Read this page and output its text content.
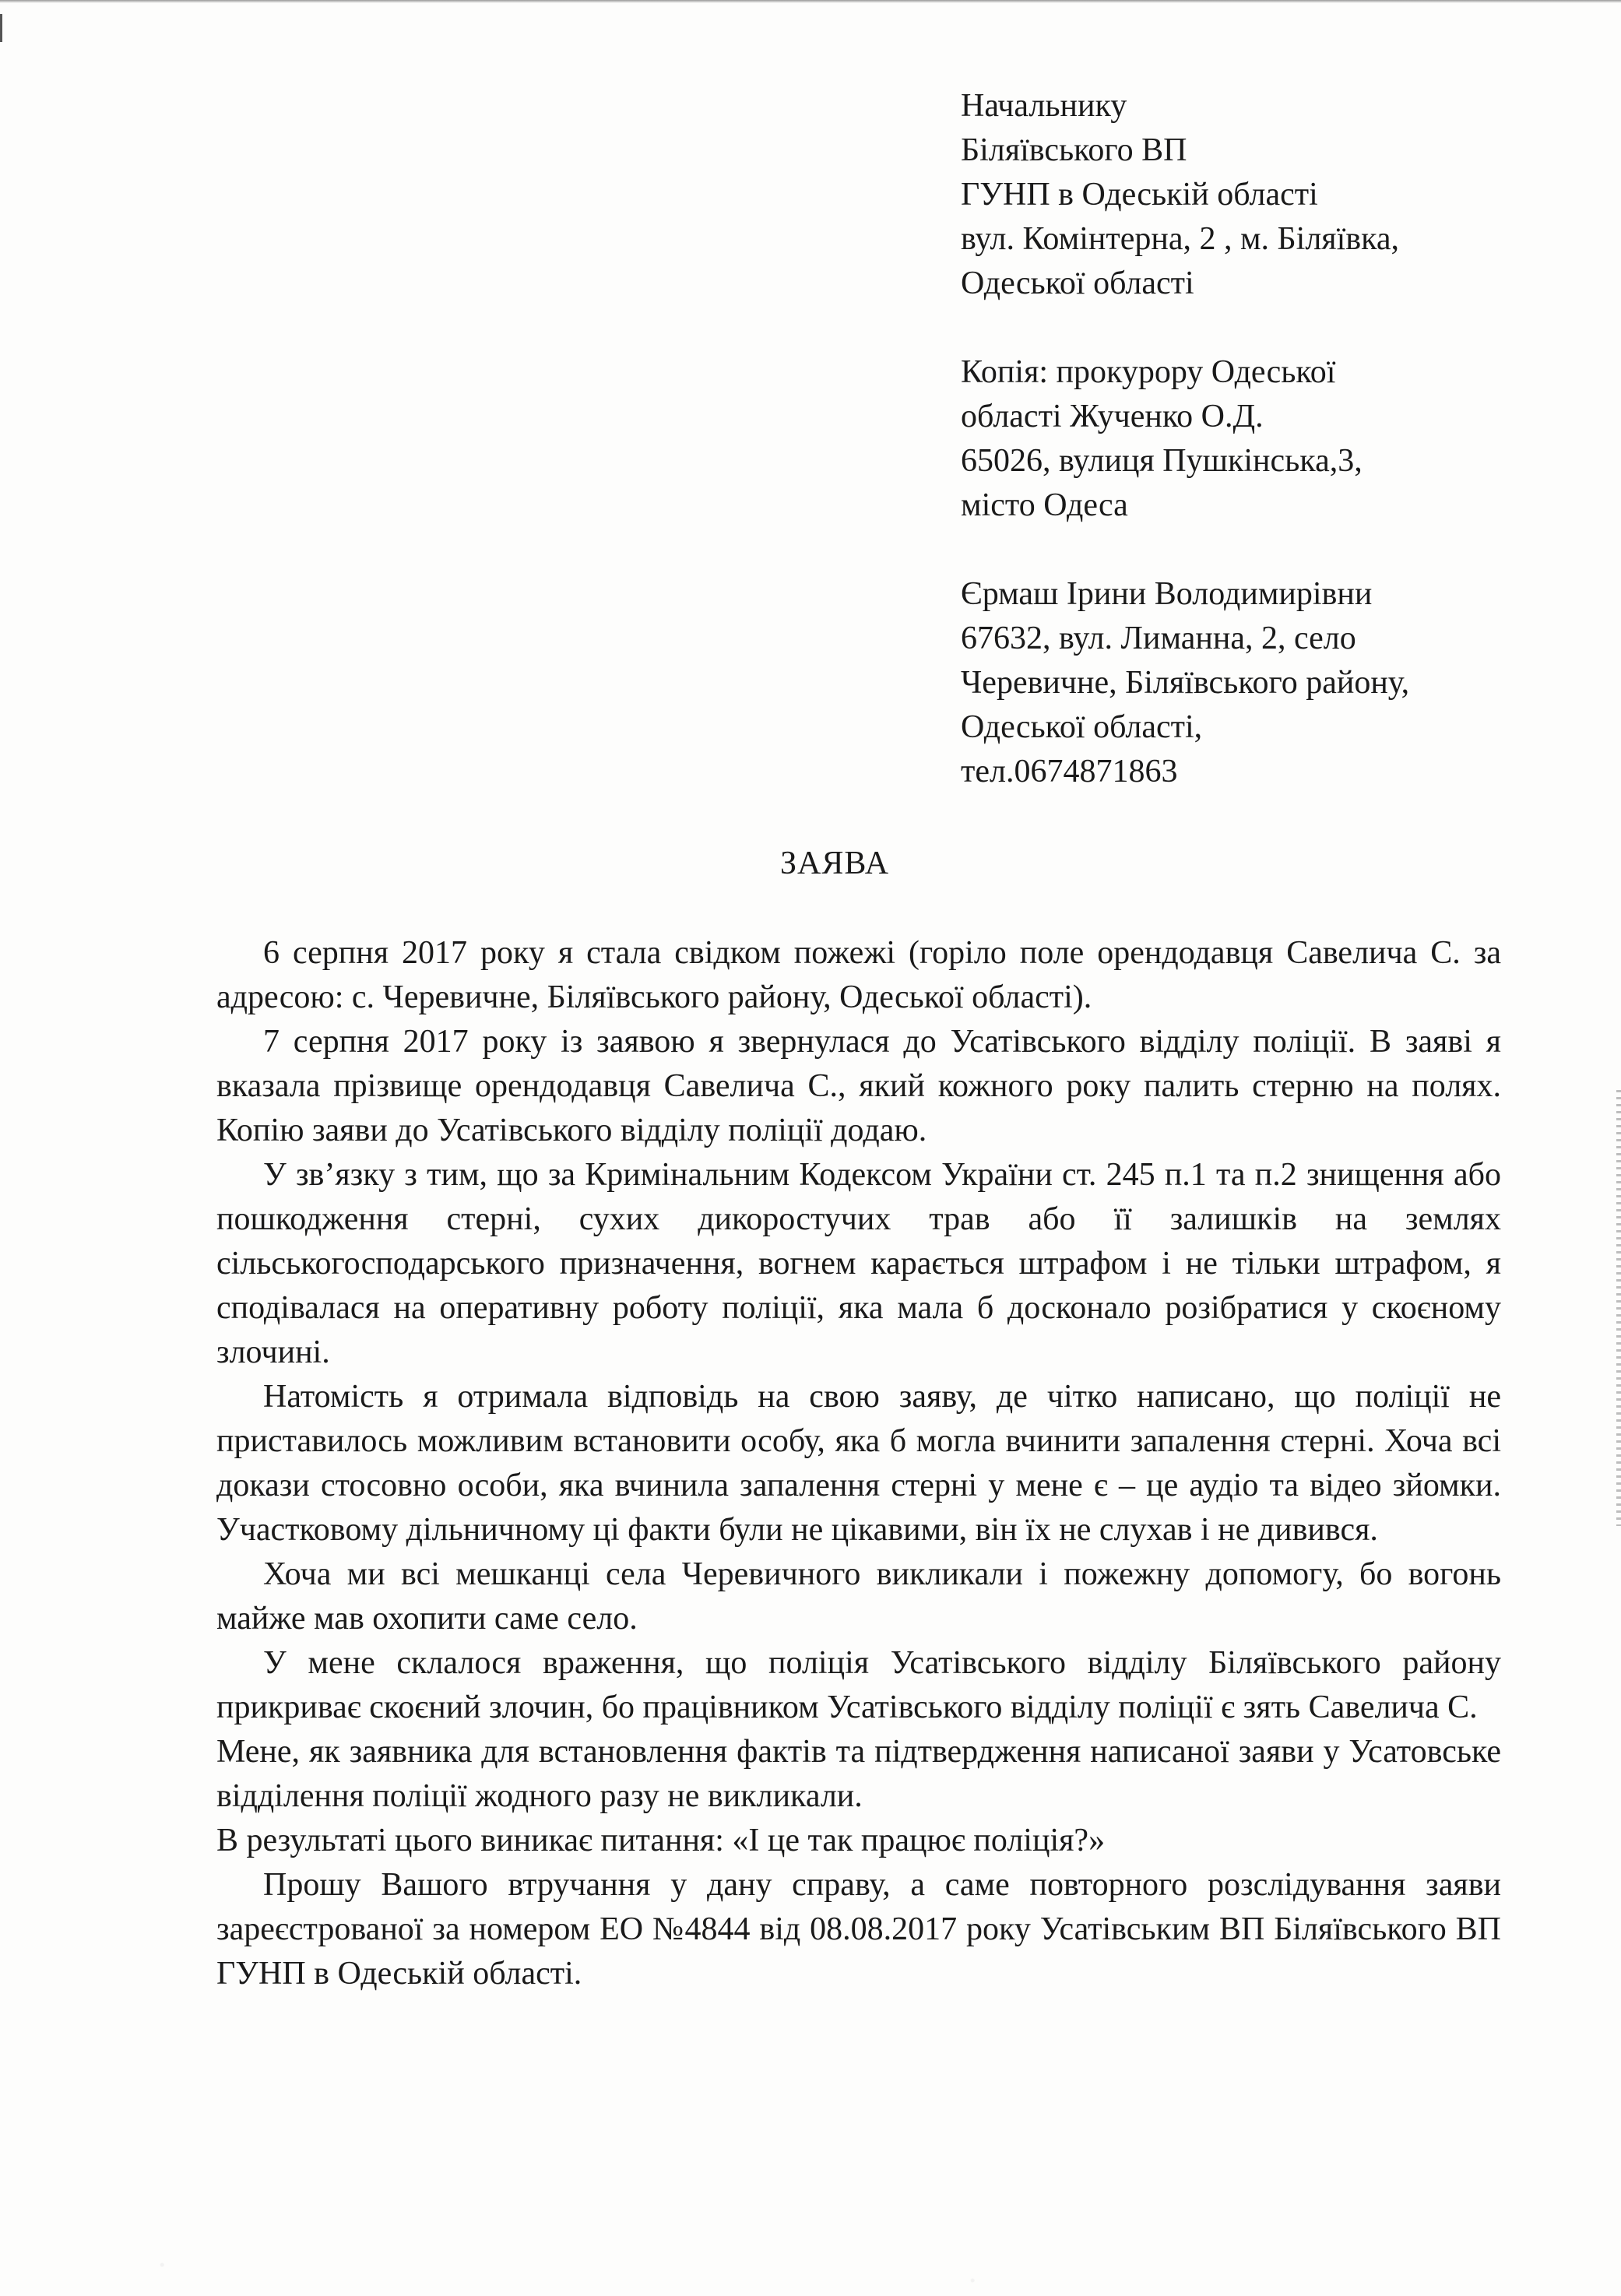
Начальнику
Біляївського ВП
ГУНП в Одеській області
вул. Комінтерна, 2 , м. Біляївка,
Одеської області
Копія: прокурору Одеської
області Жученко О.Д.
65026, вулиця Пушкінська,3,
місто Одеса
Єрмаш Ірини Володимирівни
67632, вул. Лиманна, 2, село
Черевичне, Біляївського району,
Одеської області,
тел.0674871863
ЗАЯВА

6 серпня 2017 року я стала свідком пожежі (горіло поле орендодавця Савелича С. за адресою: с. Черевичне, Біляївського району, Одеської області).

7 серпня 2017 року із заявою я звернулася до Усатівського відділу поліції. В заяві я вказала прізвище орендодавця Савелича С., який кожного року палить стерню на полях. Копію заяви до Усатівського відділу поліції додаю.

У зв’язку з тим, що за Кримінальним Кодексом України ст. 245 п.1 та п.2 знищення або пошкодження стерні, сухих дикоростучих трав або її залишків на землях сільськогосподарського призначення, вогнем карається штрафом і не тільки штрафом, я сподівалася на оперативну роботу поліції, яка мала б досконало розібратися у скоєному злочині.

Натомість я отримала відповідь на свою заяву, де чітко написано, що поліції не приставилось можливим встановити особу, яка б могла вчинити запалення стерні. Хоча всі докази стосовно особи, яка вчинила запалення стерні у мене є – це аудіо та відео зйомки. Участковому дільничному ці факти були не цікавими, він їх не слухав і не дивився.

Хоча ми всі мешканці села Черевичного викликали і пожежну допомогу, бо вогонь майже мав охопити саме село.

У мене склалося враження, що поліція Усатівського відділу Біляївського району прикриває скоєний злочин, бо працівником Усатівського відділу поліції є зять Савелича С.

Мене, як заявника для встановлення фактів та підтвердження написаної заяви у Усатовське відділення поліції жодного разу не викликали.

В результаті цього виникає питання: «І це так працює поліція?»

Прошу Вашого втручання у дану справу, а саме повторного розслідування заяви зареєстрованої за номером ЕО №4844 від 08.08.2017 року Усатівським ВП Біляївського ВП ГУНП в Одеській області.
